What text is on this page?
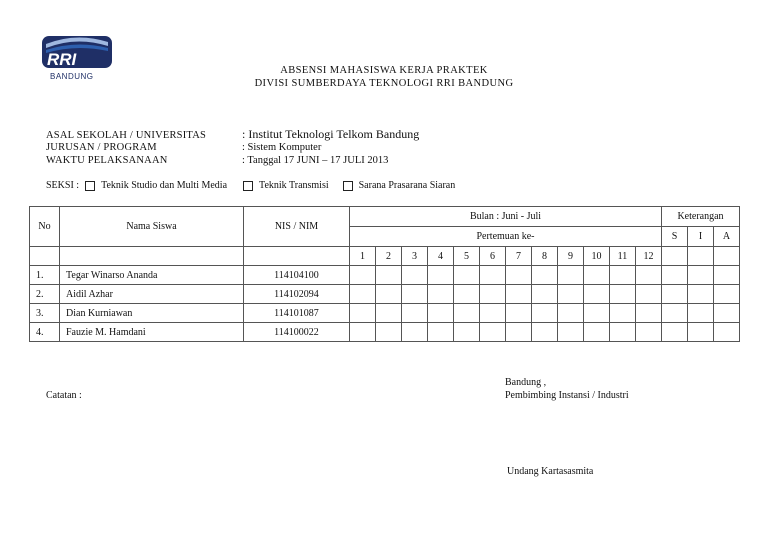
RRI
BANDUNG
ABSENSI MAHASISWA KERJA PRAKTEK
DIVISI SUMBERDAYA TEKNOLOGI RRI BANDUNG
ASAL SEKOLAH / UNIVERSITAS	: Institut Teknologi Telkom Bandung
JURUSAN / PROGRAM	: Sistem Komputer
WAKTU PELAKSANAAN	: Tanggal 17 JUNI – 17 JULI 2013
SEKSI : Teknik Studio dan Multi Media	Teknik Transmisi	Sarana Prasarana Siaran
No	Nama Siswa	NIS / NIM	Bulan : Juni - Juli												Keterangan		
			Pertemuan ke-												S	I	A
			1	2	3	4	5	6	7	8	9	10	11	12			
1.	Tegar Winarso Ananda	114104100															
2.	Aidil Azhar	114102094															
3.	Dian Kurniawan	114101087															
4.	Fauzie M. Hamdani	114100022															
Catatan :
Bandung ,
Pembimbing Instansi / Industri
Undang Kartasasmita
